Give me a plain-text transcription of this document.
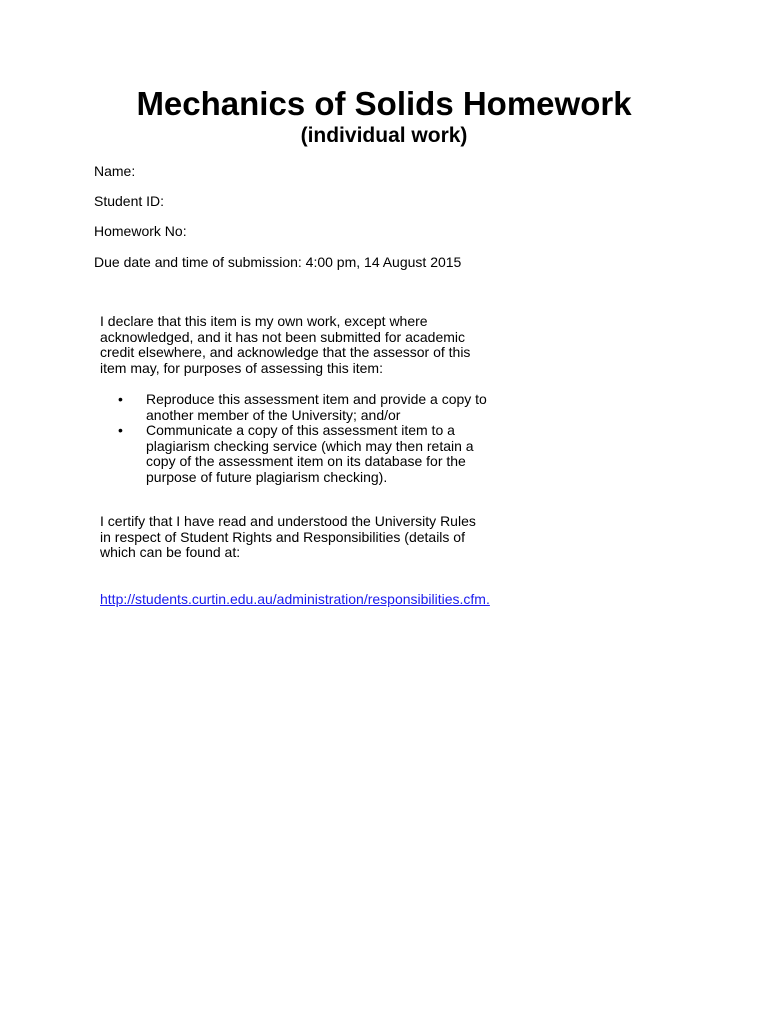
Mechanics of Solids Homework
(individual work)
Name:
Student ID:
Homework No:
Due date and time of submission: 4:00 pm, 14 August 2015

I declare that this item is my own work, except where

acknowledged, and it has not been submitted for academic

credit elsewhere, and acknowledge that the assessor of this

item may, for purposes of assessing this item:

• Reproduce this assessment item and provide a copy to
another member of the University; and/or
• Communicate a copy of this assessment item to a
plagiarism checking service (which may then retain a
copy of the assessment item on its database for the
purpose of future plagiarism checking).

I certify that I have read and understood the University Rules

in respect of Student Rights and Responsibilities (details of

which can be found at:

http://students.curtin.edu.au/administration/responsibilities.cfm.
